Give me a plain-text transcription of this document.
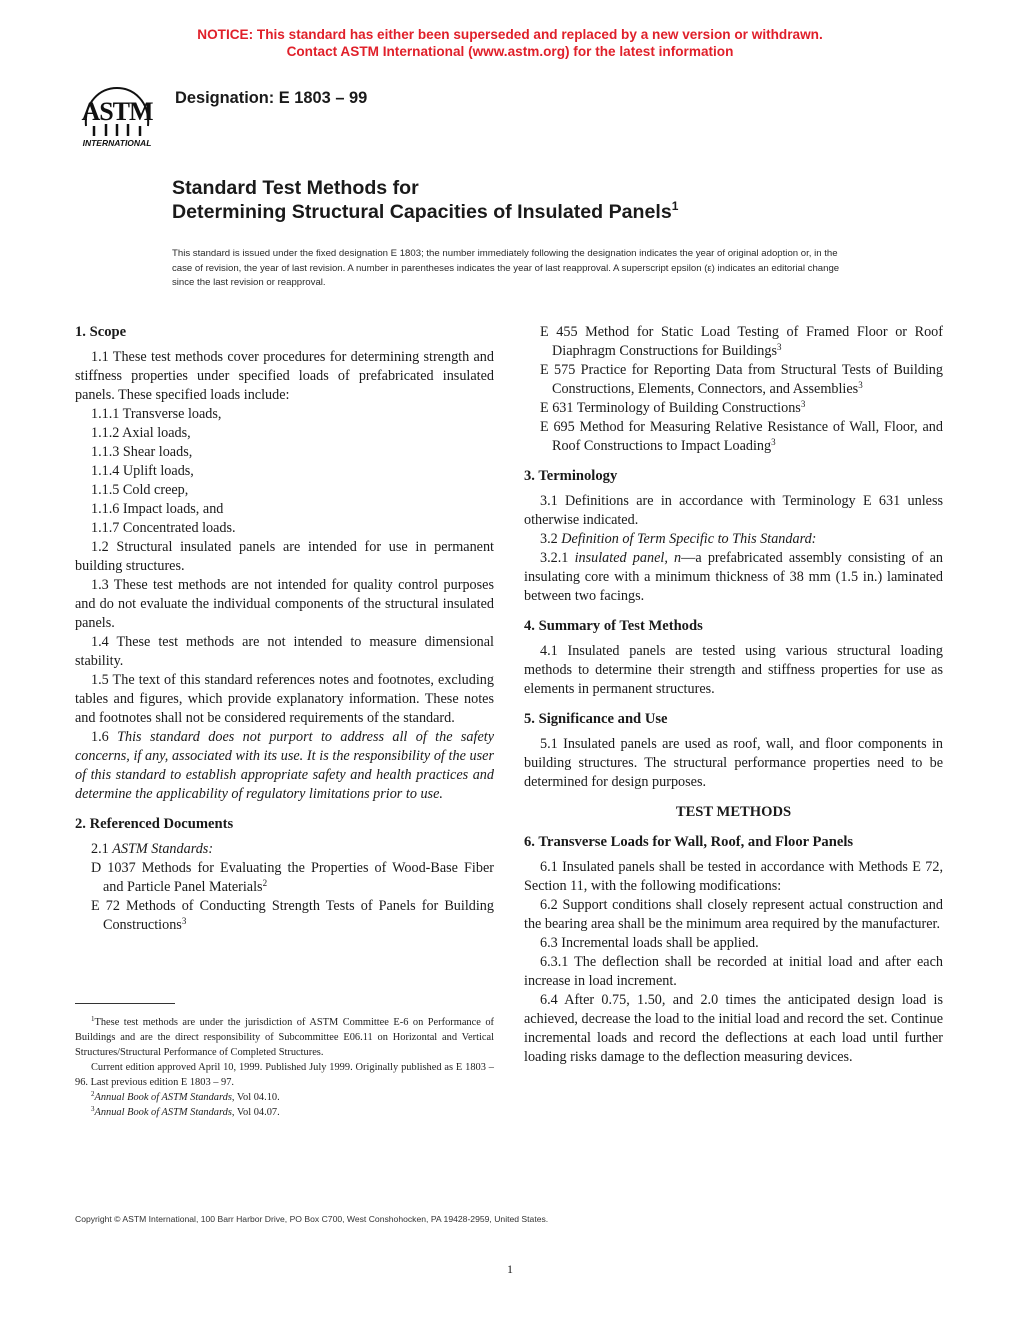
NOTICE: This standard has either been superseded and replaced by a new version or withdrawn.
Contact ASTM International (www.astm.org) for the latest information
ASTM
INTERNATIONAL
Designation: E 1803 – 99
Standard Test Methods for
Determining Structural Capacities of Insulated Panels$^1$
This standard is issued under the fixed designation E 1803; the number immediately following the designation indicates the year of original adoption or, in the case of revision, the year of last revision. A number in parentheses indicates the year of last reapproval. A superscript epsilon (ε) indicates an editorial change since the last revision or reapproval.
1. Scope

1.1 These test methods cover procedures for determining strength and stiffness properties under specified loads of prefabricated insulated panels. These specified loads include:

1.1.1 Transverse loads,

1.1.2 Axial loads,

1.1.3 Shear loads,

1.1.4 Uplift loads,

1.1.5 Cold creep,

1.1.6 Impact loads, and

1.1.7 Concentrated loads.

1.2 Structural insulated panels are intended for use in permanent building structures.

1.3 These test methods are not intended for quality control purposes and do not evaluate the individual components of the structural insulated panels.

1.4 These test methods are not intended to measure dimensional stability.

1.5 The text of this standard references notes and footnotes, excluding tables and figures, which provide explanatory information. These notes and footnotes shall not be considered requirements of the standard.

1.6 This standard does not purport to address all of the safety concerns, if any, associated with its use. It is the responsibility of the user of this standard to establish appropriate safety and health practices and determine the applicability of regulatory limitations prior to use.

2. Referenced Documents

2.1 ASTM Standards:

D 1037 Methods for Evaluating the Properties of Wood-Base Fiber and Particle Panel Materials$^2$

E 72 Methods of Conducting Strength Tests of Panels for Building Constructions$^3$

E 455 Method for Static Load Testing of Framed Floor or Roof Diaphragm Constructions for Buildings$^3$

E 575 Practice for Reporting Data from Structural Tests of Building Constructions, Elements, Connectors, and Assemblies$^3$

E 631 Terminology of Building Constructions$^3$

E 695 Method for Measuring Relative Resistance of Wall, Floor, and Roof Constructions to Impact Loading$^3$

3. Terminology

3.1 Definitions are in accordance with Terminology E 631 unless otherwise indicated.

3.2 Definition of Term Specific to This Standard:

3.2.1 insulated panel, n—a prefabricated assembly consisting of an insulating core with a minimum thickness of 38 mm (1.5 in.) laminated between two facings.

4. Summary of Test Methods

4.1 Insulated panels are tested using various structural loading methods to determine their strength and stiffness properties for use as elements in permanent structures.

5. Significance and Use

5.1 Insulated panels are used as roof, wall, and floor components in building structures. The structural performance properties need to be determined for design purposes.

TEST METHODS
6. Transverse Loads for Wall, Roof, and Floor Panels

6.1 Insulated panels shall be tested in accordance with Methods E 72, Section 11, with the following modifications:

6.2 Support conditions shall closely represent actual construction and the bearing area shall be the minimum area required by the manufacturer.

6.3 Incremental loads shall be applied.

6.3.1 The deflection shall be recorded at initial load and after each increase in load increment.

6.4 After 0.75, 1.50, and 2.0 times the anticipated design load is achieved, decrease the load to the initial load and record the set. Continue incremental loads and record the deflections at each load until further loading risks damage to the deflection measuring devices.

$^1$These test methods are under the jurisdiction of ASTM Committee E-6 on Performance of Buildings and are the direct responsibility of Subcommittee E06.11 on Horizontal and Vertical Structures/Structural Performance of Completed Structures.

Current edition approved April 10, 1999. Published July 1999. Originally published as E 1803 – 96. Last previous edition E 1803 – 97.

$^2$Annual Book of ASTM Standards, Vol 04.10.

$^3$Annual Book of ASTM Standards, Vol 04.07.

Copyright © ASTM International, 100 Barr Harbor Drive, PO Box C700, West Conshohocken, PA 19428-2959, United States.
1
